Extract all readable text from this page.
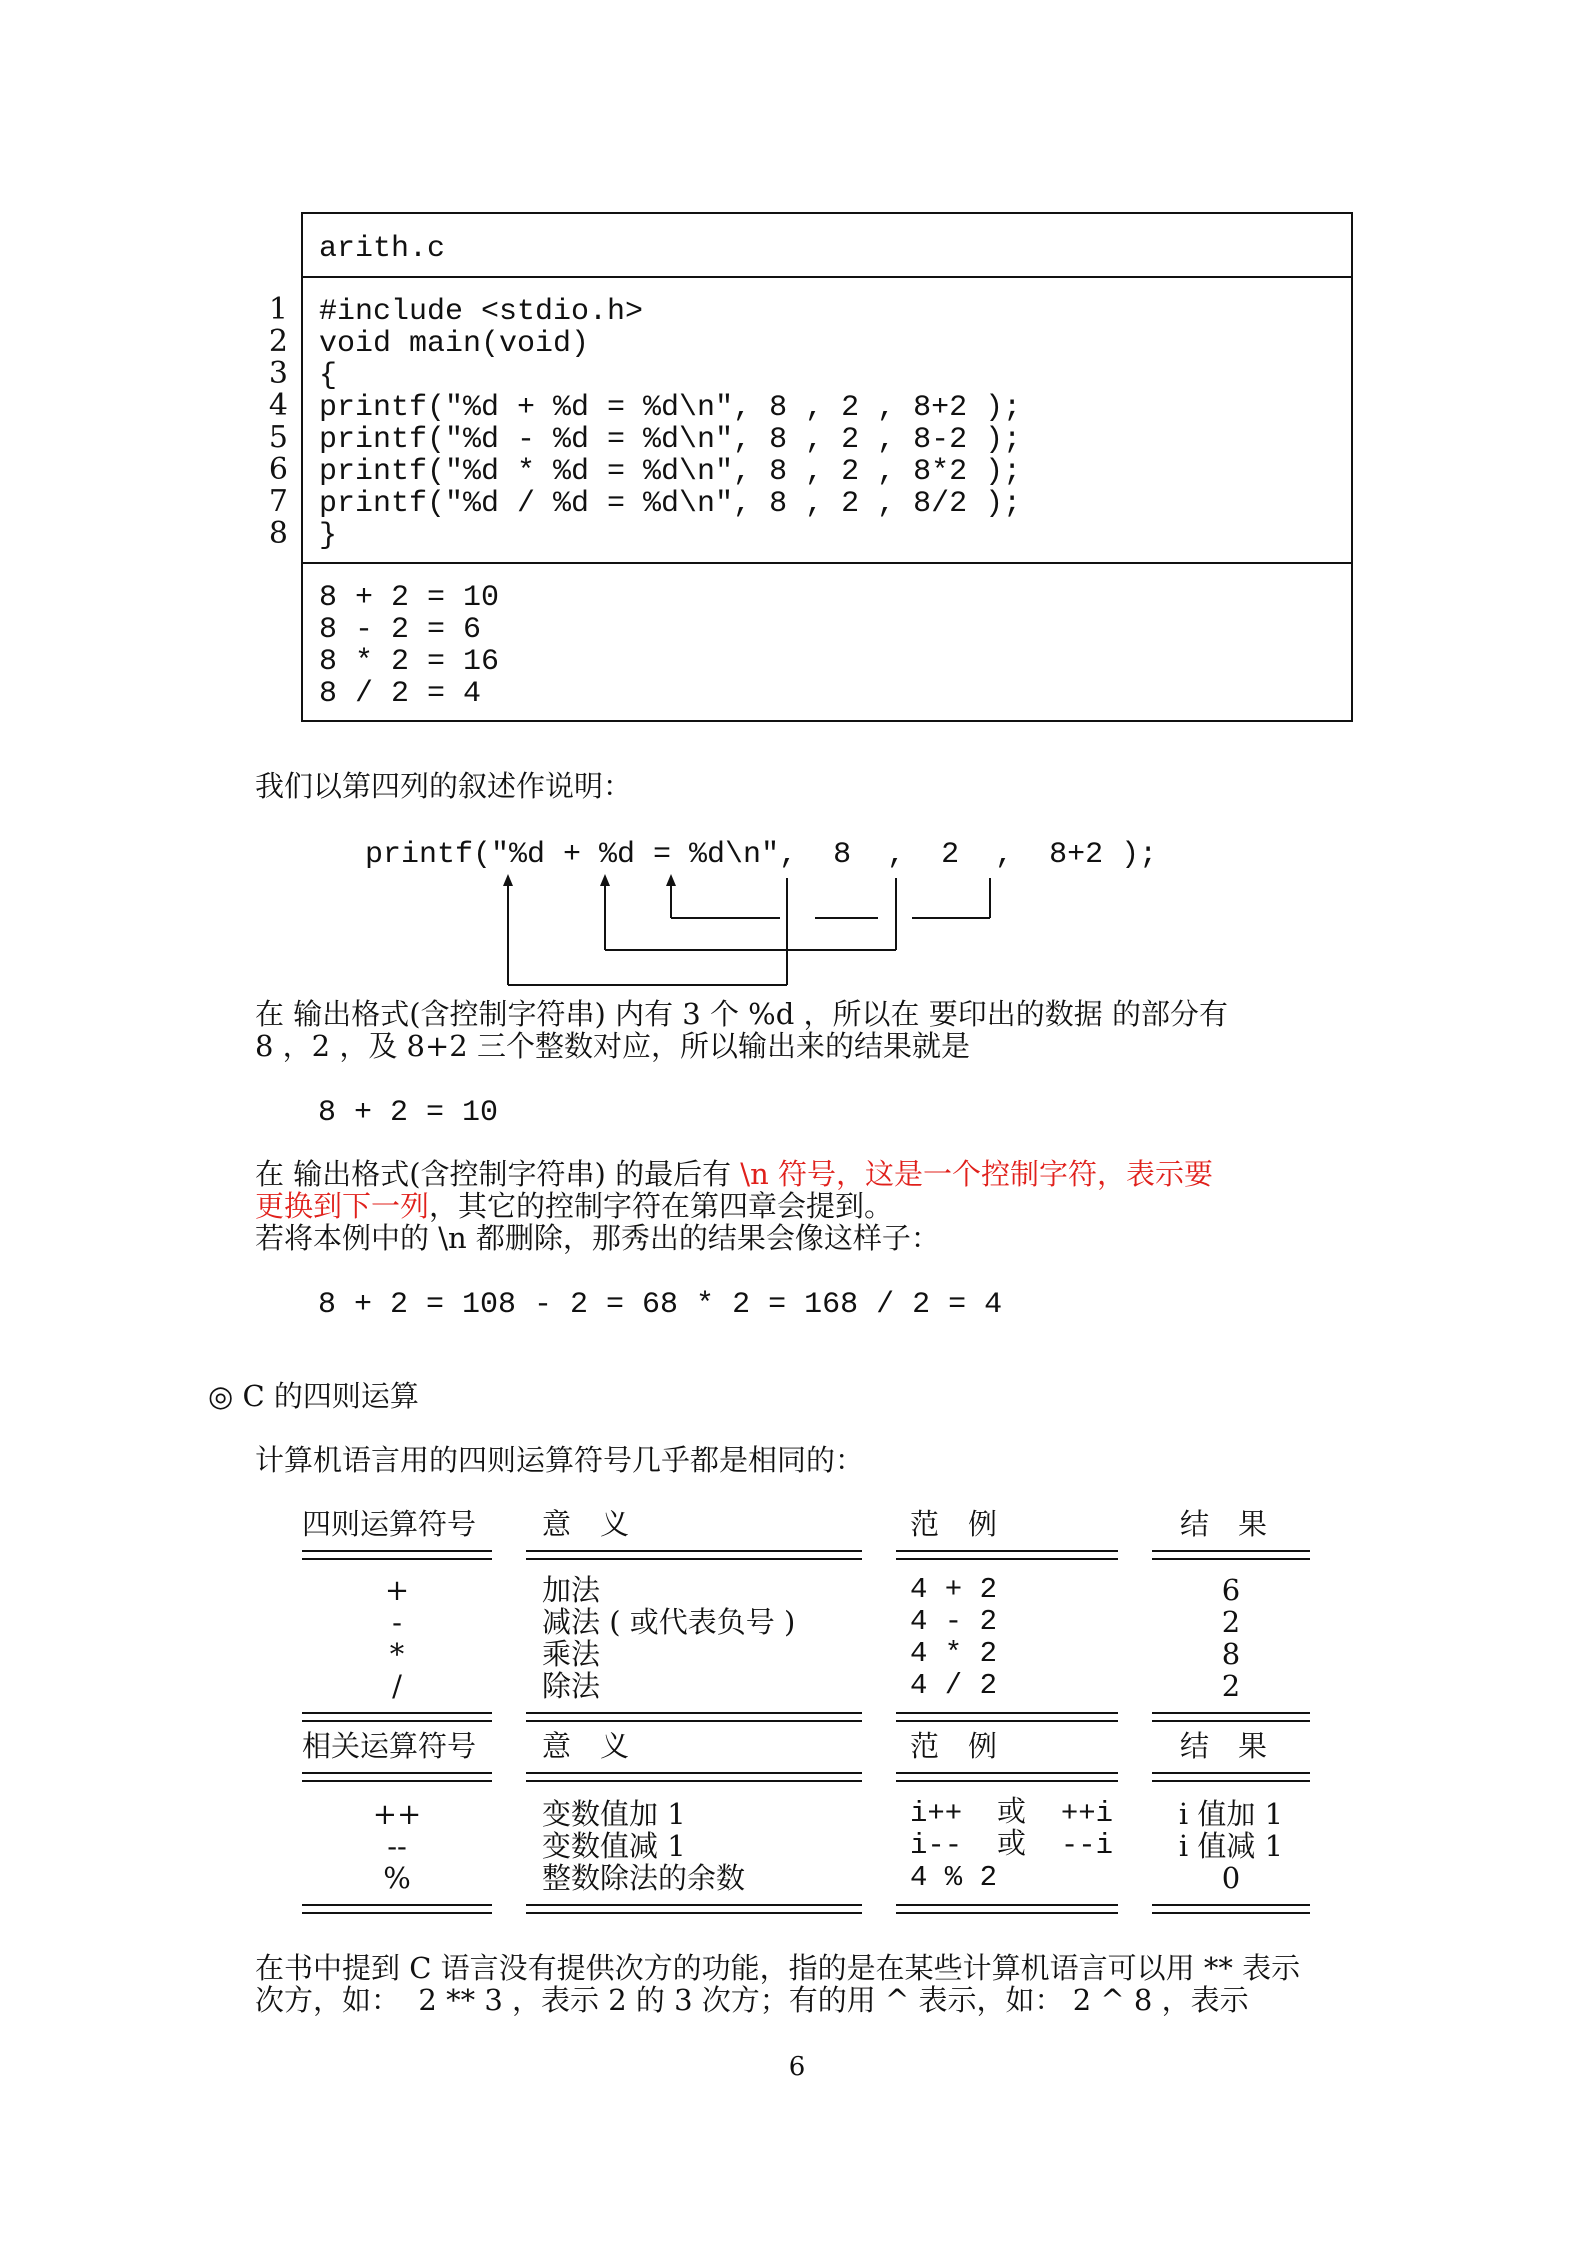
arith.c
#include <stdio.h>
void main(void)
{
printf("%d + %d = %d\n", 8 , 2 , 8+2 );
printf("%d - %d = %d\n", 8 , 2 , 8-2 );
printf("%d * %d = %d\n", 8 , 2 , 8*2 );
printf("%d / %d = %d\n", 8 , 2 , 8/2 );
}
8 + 2 = 10
8 - 2 = 6
8 * 2 = 16
8 / 2 = 4
1
2
3
4
5
6
7
8
我们以第四列的叙述作说明：
printf("%d + %d = %d\n",  8  ,  2  ,  8+2 );
在 输出格式(含控制字符串) 内有 3 个 %d ，所以在 要印出的数据 的部分有
8 ，2 ，及 8+2 三个整数对应，所以输出来的结果就是
8 + 2 = 10
在 输出格式(含控制字符串) 的最后有 \n 符号，这是一个控制字符，表示要
更换到下一列，其它的控制字符在第四章会提到。
若将本例中的 \n 都删除，那秀出的结果会像这样子：
8 + 2 = 108 - 2 = 68 * 2 = 168 / 2 = 4
◎ C 的四则运算
计算机语言用的四则运算符号几乎都是相同的：
四则运算符号 意　义	范　例	结　果
+	加法	4 + 2	6
-	减法 ( 或代表负号 )	4 - 2	2
*	乘法	4 * 2	8
/	除法	4 / 2	2
相关运算符号 意　义	范　例	结　果
++	变数值加 1	i++  或  ++i	i 值加 1
--	变数值减 1	i--  或  --i	i 值减 1
%	整数除法的余数	4 % 2	0
在书中提到 C 语言没有提供次方的功能，指的是在某些计算机语言可以用 ** 表示
次方，如：  2 ** 3 ，表示 2 的 3 次方；有的用 ^ 表示，如： 2 ^ 8 ，表示
6
